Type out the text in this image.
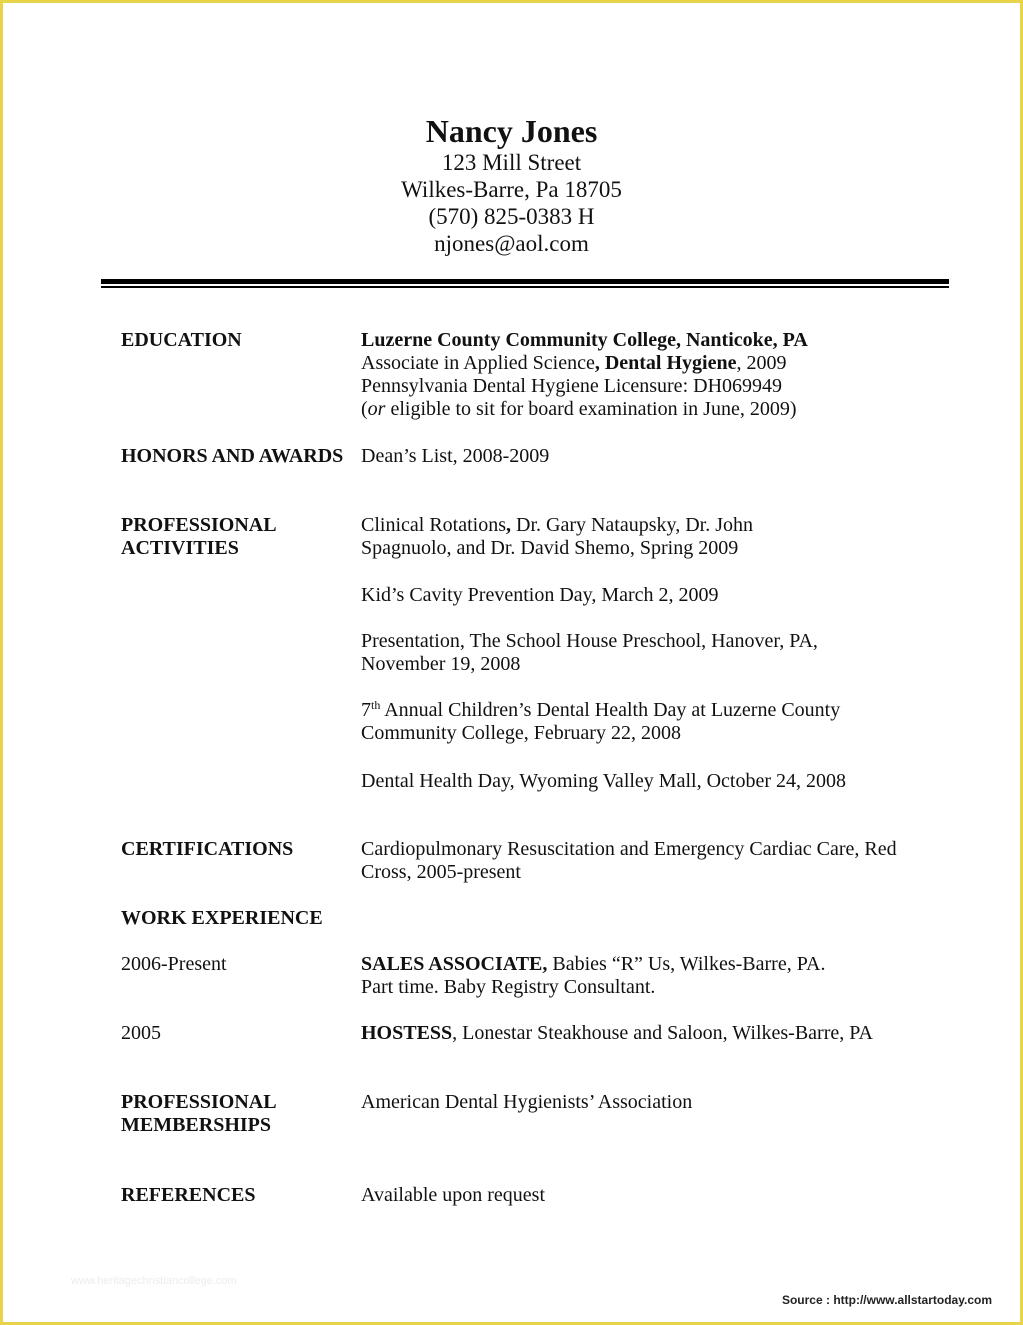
Nancy Jones
123 Mill Street
Wilkes-Barre, Pa 18705
(570) 825-0383 H
njones@aol.com
EDUCATION	Luzerne County Community College, Nanticoke, PA

Associate in Applied Science, Dental Hygiene, 2009

Pennsylvania Dental Hygiene Licensure: DH069949

(or eligible to sit for board examination in June, 2009)

HONORS AND AWARDS Dean’s List, 2008-2009
PROFESSIONAL
ACTIVITIES

Clinical Rotations, Dr. Gary Nataupsky, Dr. John

Spagnuolo, and Dr. David Shemo, Spring 2009

Kid’s Cavity Prevention Day, March 2, 2009

Presentation, The School House Preschool, Hanover, PA,

November 19, 2008

7th Annual Children’s Dental Health Day at Luzerne County

Community College, February 22, 2008

Dental Health Day, Wyoming Valley Mall, October 24, 2008

CERTIFICATIONS	Cardiopulmonary Resuscitation and Emergency Cardiac Care, Red

Cross, 2005-present

WORK EXPERIENCE
2006-Present	SALES ASSOCIATE, Babies “R” Us, Wilkes-Barre, PA.

Part time. Baby Registry Consultant.

2005	HOSTESS, Lonestar Steakhouse and Saloon, Wilkes-Barre, PA

PROFESSIONAL
MEMBERSHIPS
American Dental Hygienists’ Association
REFERENCES	Available upon request
www.heritagechristiancollege.com
Source : http://www.allstartoday.com
